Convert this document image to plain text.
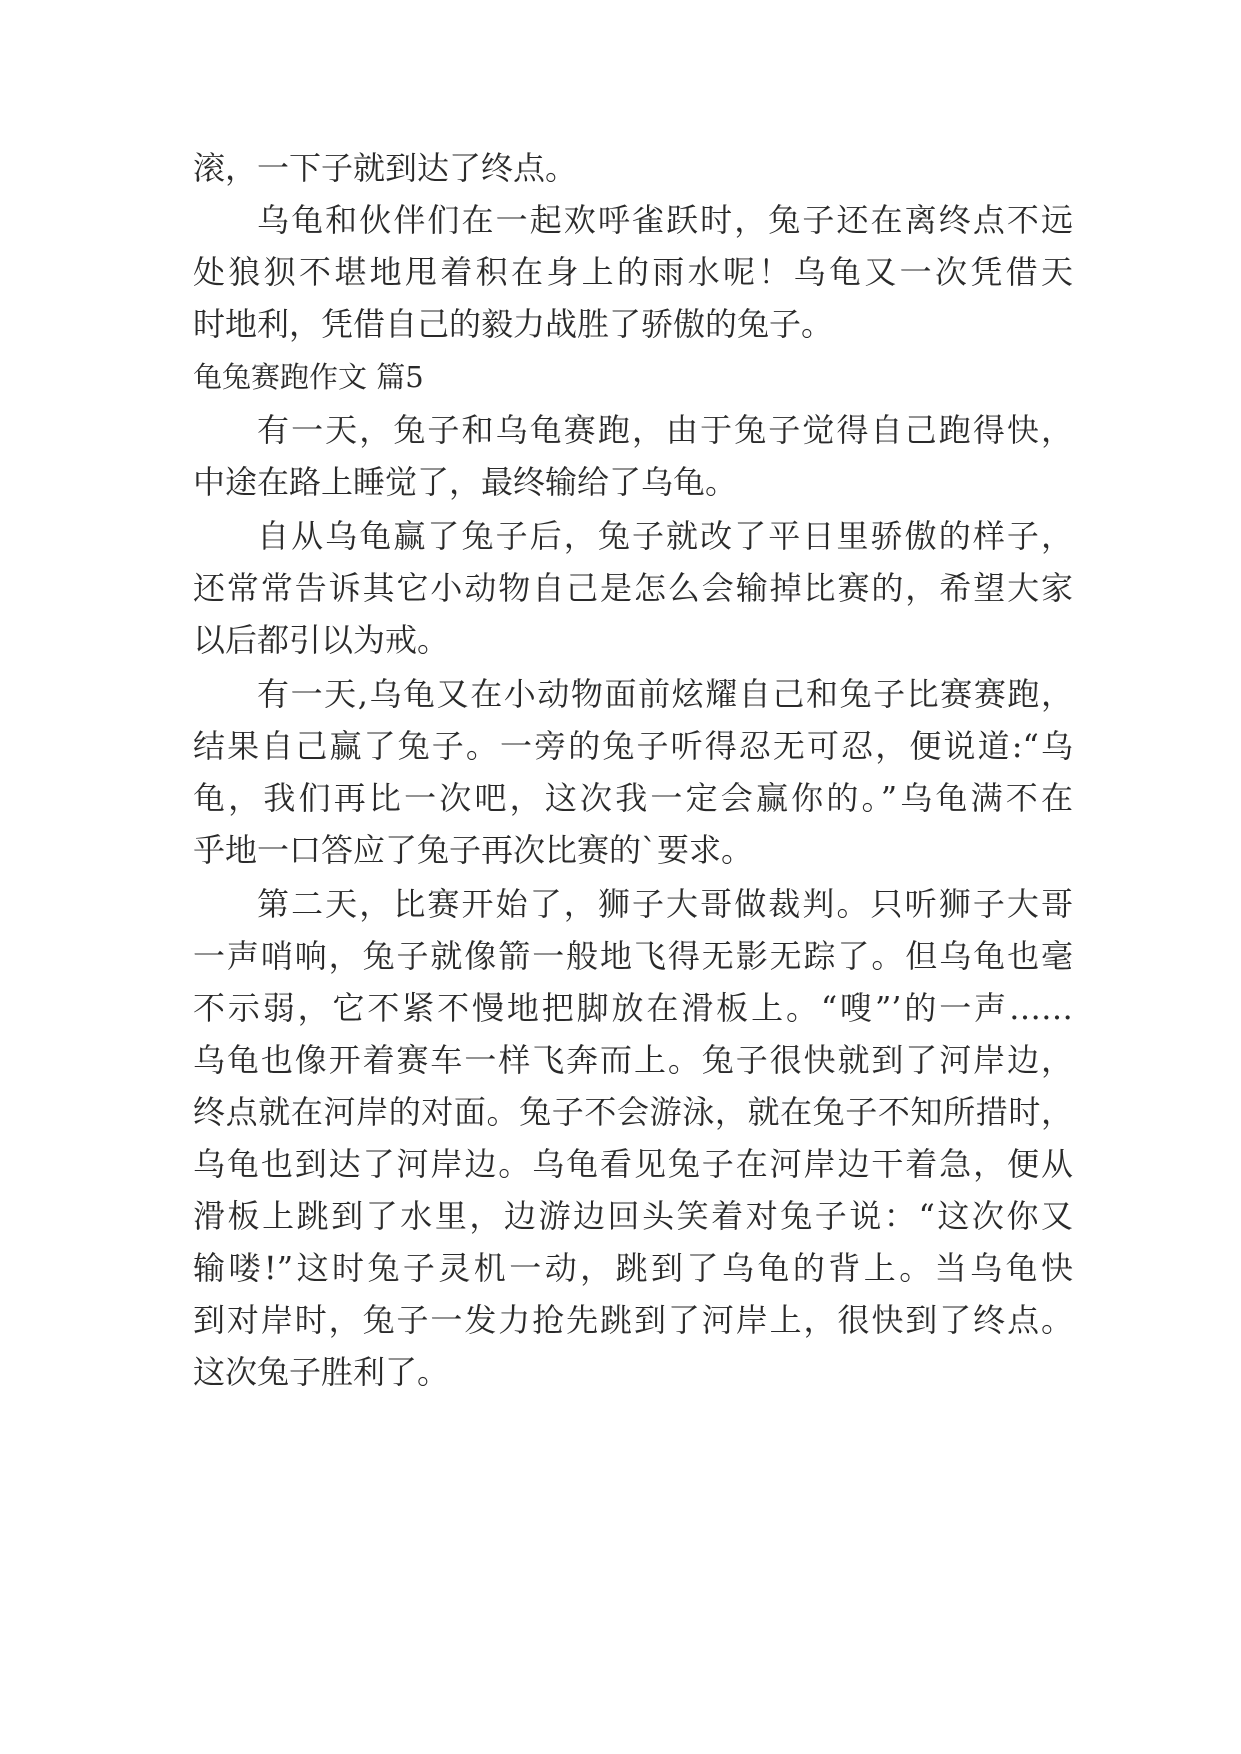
滚，一下子就到达了终点。

乌龟和伙伴们在一起欢呼雀跃时，兔子还在离终点不远

处狼狈不堪地甩着积在身上的雨水呢！乌龟又一次凭借天

时地利，凭借自己的毅力战胜了骄傲的兔子。

龟兔赛跑作文 篇5

有一天，兔子和乌龟赛跑，由于兔子觉得自己跑得快，

中途在路上睡觉了，最终输给了乌龟。

自从乌龟赢了兔子后，兔子就改了平日里骄傲的样子，

还常常告诉其它小动物自己是怎么会输掉比赛的，希望大家

以后都引以为戒。

有一天,乌龟又在小动物面前炫耀自己和兔子比赛赛跑，

结果自己赢了兔子。一旁的兔子听得忍无可忍，便说道:“乌

龟，我们再比一次吧，这次我一定会赢你的。”乌龟满不在

乎地一口答应了兔子再次比赛的`要求。

第二天，比赛开始了，狮子大哥做裁判。只听狮子大哥

一声哨响，兔子就像箭一般地飞得无影无踪了。但乌龟也毫

不示弱，它不紧不慢地把脚放在滑板上。“嗖”’的一声……

乌龟也像开着赛车一样飞奔而上。兔子很快就到了河岸边，

终点就在河岸的对面。兔子不会游泳，就在兔子不知所措时，

乌龟也到达了河岸边。乌龟看见兔子在河岸边干着急，便从

滑板上跳到了水里，边游边回头笑着对兔子说：“这次你又

输喽!”这时兔子灵机一动，跳到了乌龟的背上。当乌龟快

到对岸时，兔子一发力抢先跳到了河岸上，很快到了终点。

这次兔子胜利了。
